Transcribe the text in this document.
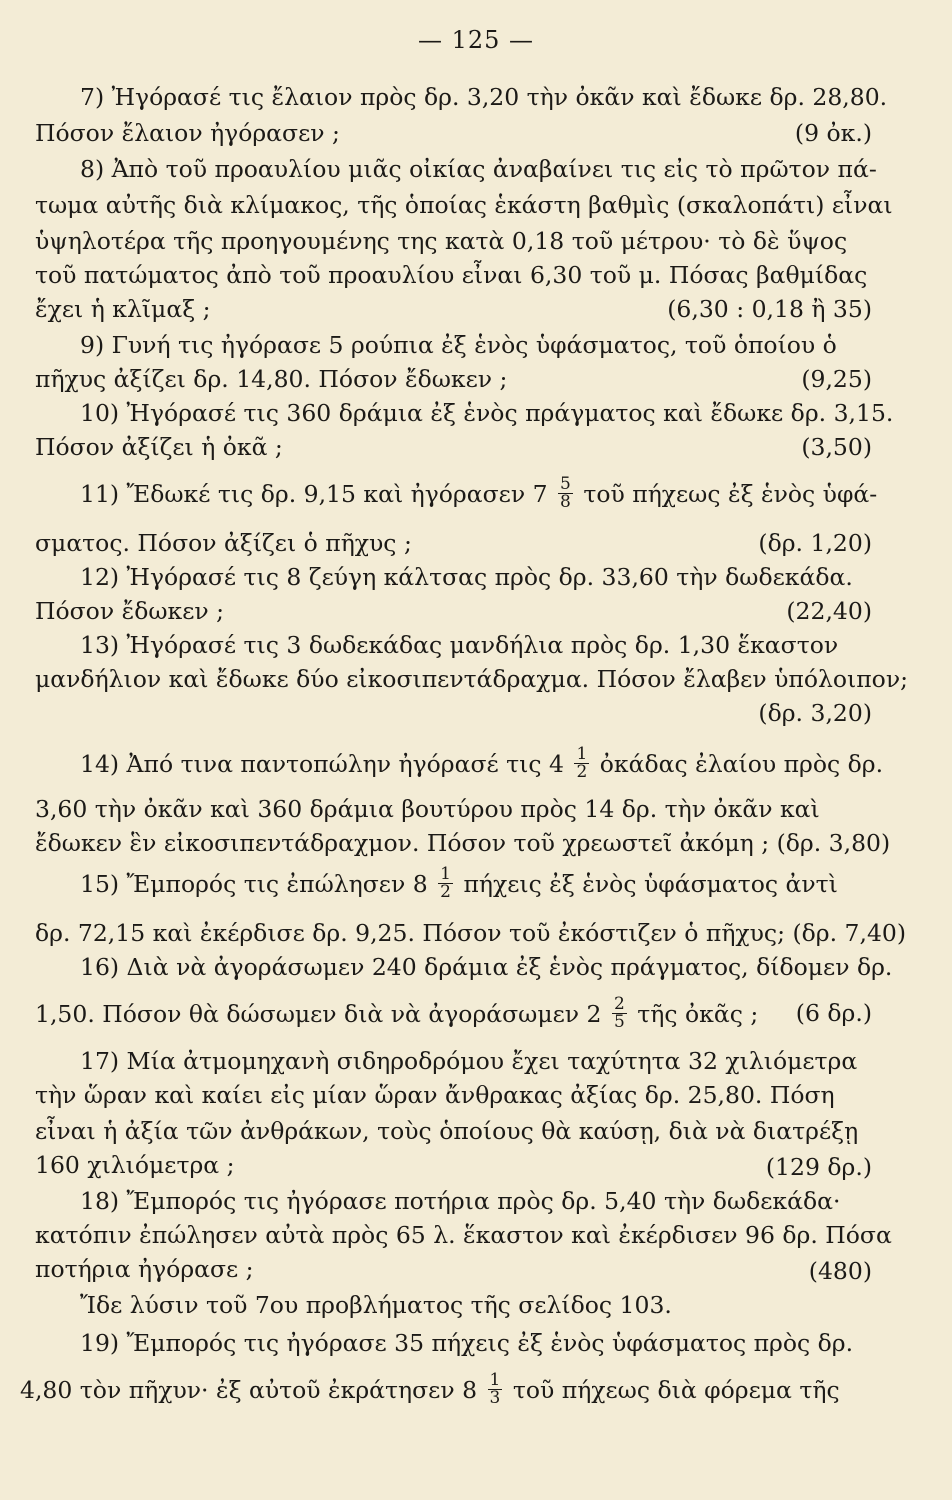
— 125 —
7) Ἠγόρασέ τις ἔλαιον πρὸς δρ. 3,20 τὴν ὀκᾶν καὶ ἔδωκε δρ. 28,80.
Πόσον ἔλαιον ἠγόρασεν ;	(9 ὀκ.)
8) Ἀπὸ τοῦ προαυλίου μιᾶς οἰκίας ἀναβαίνει τις εἰς τὸ πρῶτον πά-
τωμα αὐτῆς διὰ κλίμακος, τῆς ὁποίας ἑκάστη βαθμὶς (σκαλοπάτι) εἶναι
ὑψηλοτέρα τῆς προηγουμένης της κατὰ 0,18 τοῦ μέτρου· τὸ δὲ ὕψος
τοῦ πατώματος ἀπὸ τοῦ προαυλίου εἶναι 6,30 τοῦ μ. Πόσας βαθμίδας
ἔχει ἡ κλῖμαξ ;	(6,30 : 0,18 ἢ 35)
9) Γυνή τις ἠγόρασε 5 ρούπια ἐξ ἑνὸς ὑφάσματος, τοῦ ὁποίου ὁ
πῆχυς ἀξίζει δρ. 14,80. Πόσον ἔδωκεν ;	(9,25)
10) Ἠγόρασέ τις 360 δράμια ἐξ ἑνὸς πράγματος καὶ ἔδωκε δρ. 3,15.
Πόσον ἀξίζει ἡ ὀκᾶ ;	(3,50)
11) Ἔδωκέ τις δρ. 9,15 καὶ ἠγόρασεν $7 \frac{5}{8}$ τοῦ πήχεως ἐξ ἑνὸς ὑφά-
σματος. Πόσον ἀξίζει ὁ πῆχυς ;	(δρ. 1,20)
12) Ἠγόρασέ τις 8 ζεύγη κάλτσας πρὸς δρ. 33,60 τὴν δωδεκάδα.
Πόσον ἔδωκεν ;	(22,40)
13) Ἠγόρασέ τις 3 δωδεκάδας μανδήλια πρὸς δρ. 1,30 ἕκαστον
μανδήλιον καὶ ἔδωκε δύο εἰκοσιπεντάδραχμα. Πόσον ἔλαβεν ὑπόλοιπον;
(δρ. 3,20)
14) Ἀπό τινα παντοπώλην ἠγόρασέ τις $4 \frac{1}{2}$ ὀκάδας ἐλαίου πρὸς δρ.
3,60 τὴν ὀκᾶν καὶ 360 δράμια βουτύρου πρὸς 14 δρ. τὴν ὀκᾶν καὶ
ἔδωκεν ἓν εἰκοσιπεντάδραχμον. Πόσον τοῦ χρεωστεῖ ἀκόμη ; (δρ. 3,80)
15) Ἔμπορός τις ἐπώλησεν $8 \frac{1}{2}$ πήχεις ἐξ ἑνὸς ὑφάσματος ἀντὶ
δρ. 72,15 καὶ ἐκέρδισε δρ. 9,25. Πόσον τοῦ ἐκόστιζεν ὁ πῆχυς; (δρ. 7,40)
16) Διὰ νὰ ἀγοράσωμεν 240 δράμια ἐξ ἑνὸς πράγματος, δίδομεν δρ.
1,50. Πόσον θὰ δώσωμεν διὰ νὰ ἀγοράσωμεν $2 \frac{2}{5}$ τῆς ὀκᾶς ; (6 δρ.)
17) Μία ἀτμομηχανὴ σιδηροδρόμου ἔχει ταχύτητα 32 χιλιόμετρα
τὴν ὥραν καὶ καίει εἰς μίαν ὥραν ἄνθρακας ἀξίας δρ. 25,80. Πόση
εἶναι ἡ ἀξία τῶν ἀνθράκων, τοὺς ὁποίους θὰ καύσῃ, διὰ νὰ διατρέξῃ
160 χιλιόμετρα ;	(129 δρ.)
18) Ἔμπορός τις ἠγόρασε ποτήρια πρὸς δρ. 5,40 τὴν δωδεκάδα·
κατόπιν ἐπώλησεν αὐτὰ πρὸς 65 λ. ἕκαστον καὶ ἐκέρδισεν 96 δρ. Πόσα
ποτήρια ἠγόρασε ;	(480)
Ἴδε λύσιν τοῦ 7ου προβλήματος τῆς σελίδος 103.
19) Ἔμπορός τις ἠγόρασε 35 πήχεις ἐξ ἑνὸς ὑφάσματος πρὸς δρ.
4,80 τὸν πῆχυν· ἐξ αὐτοῦ ἐκράτησεν $8 \frac{1}{3}$ τοῦ πήχεως διὰ φόρεμα τῆς
